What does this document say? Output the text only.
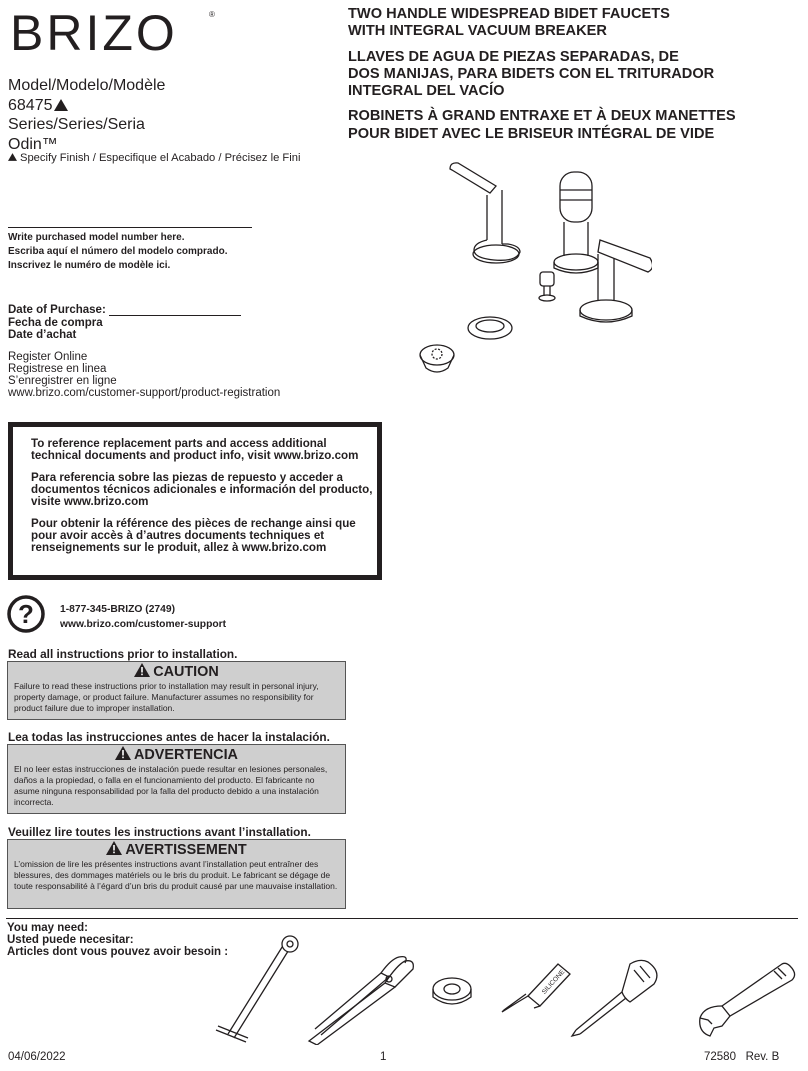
BRIZO	®	TWO HANDLE WIDESPREAD BIDET FAUCETS
WITH INTEGRAL VACUUM BREAKER
LLAVES DE AGUA DE PIEZAS SEPARADAS, DE
DOS MANIJAS, PARA BIDETS CON EL TRITURADOR
INTEGRAL DEL VACÍO
ROBINETS À GRAND ENTRAXE ET À DEUX MANETTES
POUR BIDET AVEC LE BRISEUR INTÉGRAL DE VIDE
Model/Modelo/Modèle
68475
Series/Series/Seria
Odin™
Specify Finish / Especifique el Acabado / Précisez le Fini
Write purchased model number here.
Escriba aquí el número del modelo comprado.
Inscrivez le numéro de modèle ici.
Date of Purchase:
Fecha de compra
Date d’achat
Register Online
Registrese en linea
S’enregistrer en ligne
www.brizo.com/customer-support/product-registration

To reference replacement parts and access additional technical documents and product info, visit www.brizo.com

Para referencia sobre las piezas de repuesto y acceder a documentos técnicos adicionales e información del producto, visite www.brizo.com

Pour obtenir la référence des pièces de rechange ainsi que pour avoir accès à d’autres documents techniques et renseignements sur le produit, allez à www.brizo.com

?	1-877-345-BRIZO (2749)
www.brizo.com/customer-support
Read all instructions prior to installation.
CAUTION
Failure to read these instructions prior to installation may result in personal injury, property damage, or product failure. Manufacturer assumes no responsibility for product failure due to improper installation.
Lea todas las instrucciones antes de hacer la instalación.
ADVERTENCIA
El no leer estas instrucciones de instalación puede resultar en lesiones personales, daños a la propiedad, o falla en el funcionamiento del producto. El fabricante no asume ninguna responsabilidad por la falla del producto debido a una instalación incorrecta.
Veuillez lire toutes les instructions avant l’installation.
AVERTISSEMENT
L’omission de lire les présentes instructions avant l’installation peut entraîner des blessures, des dommages matériels ou le bris du produit. Le fabricant se dégage de toute responsabilité à l’égard d’un bris du produit causé par une mauvaise installation.
You may need:
Usted puede necesitar:
Articles dont vous pouvez avoir besoin :
SILICONE
04/06/2022	1	72580 Rev. B
